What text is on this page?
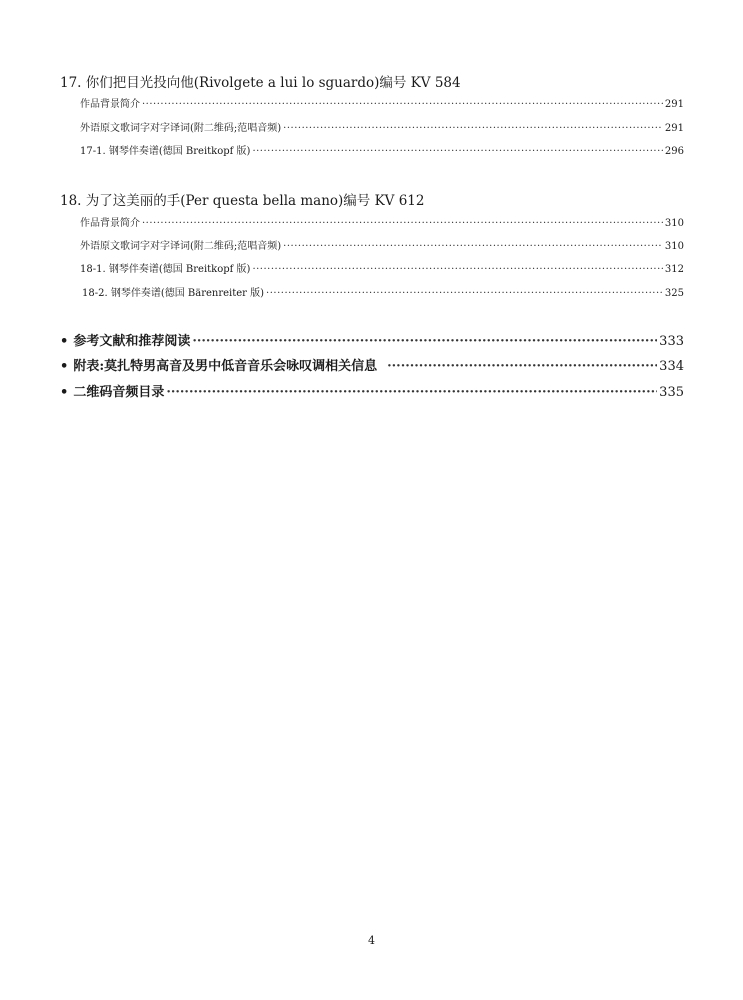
17. 你们把目光投向他(Rivolgete a lui lo sguardo)编号 KV 584
作品背景简介 ·····	291
外语原文歌词字对字译词(附二维码;范唱音频) ·····	291
17-1. 钢琴伴奏谱(德国 Breitkopf 版) ·····	296
18. 为了这美丽的手(Per questa bella mano)编号 KV 612
作品背景简介 ·····	310
外语原文歌词字对字译词(附二维码;范唱音频) ·····	310
18-1. 钢琴伴奏谱(德国 Breitkopf 版) ·····	312
18-2. 钢琴伴奏谱(德国 Bärenreiter 版) ·····	325
• 参考文献和推荐阅读 ·····	333
• 附表:莫扎特男高音及男中低音音乐会咏叹调相关信息 ·····	334
• 二维码音频目录 ·····	335
4
